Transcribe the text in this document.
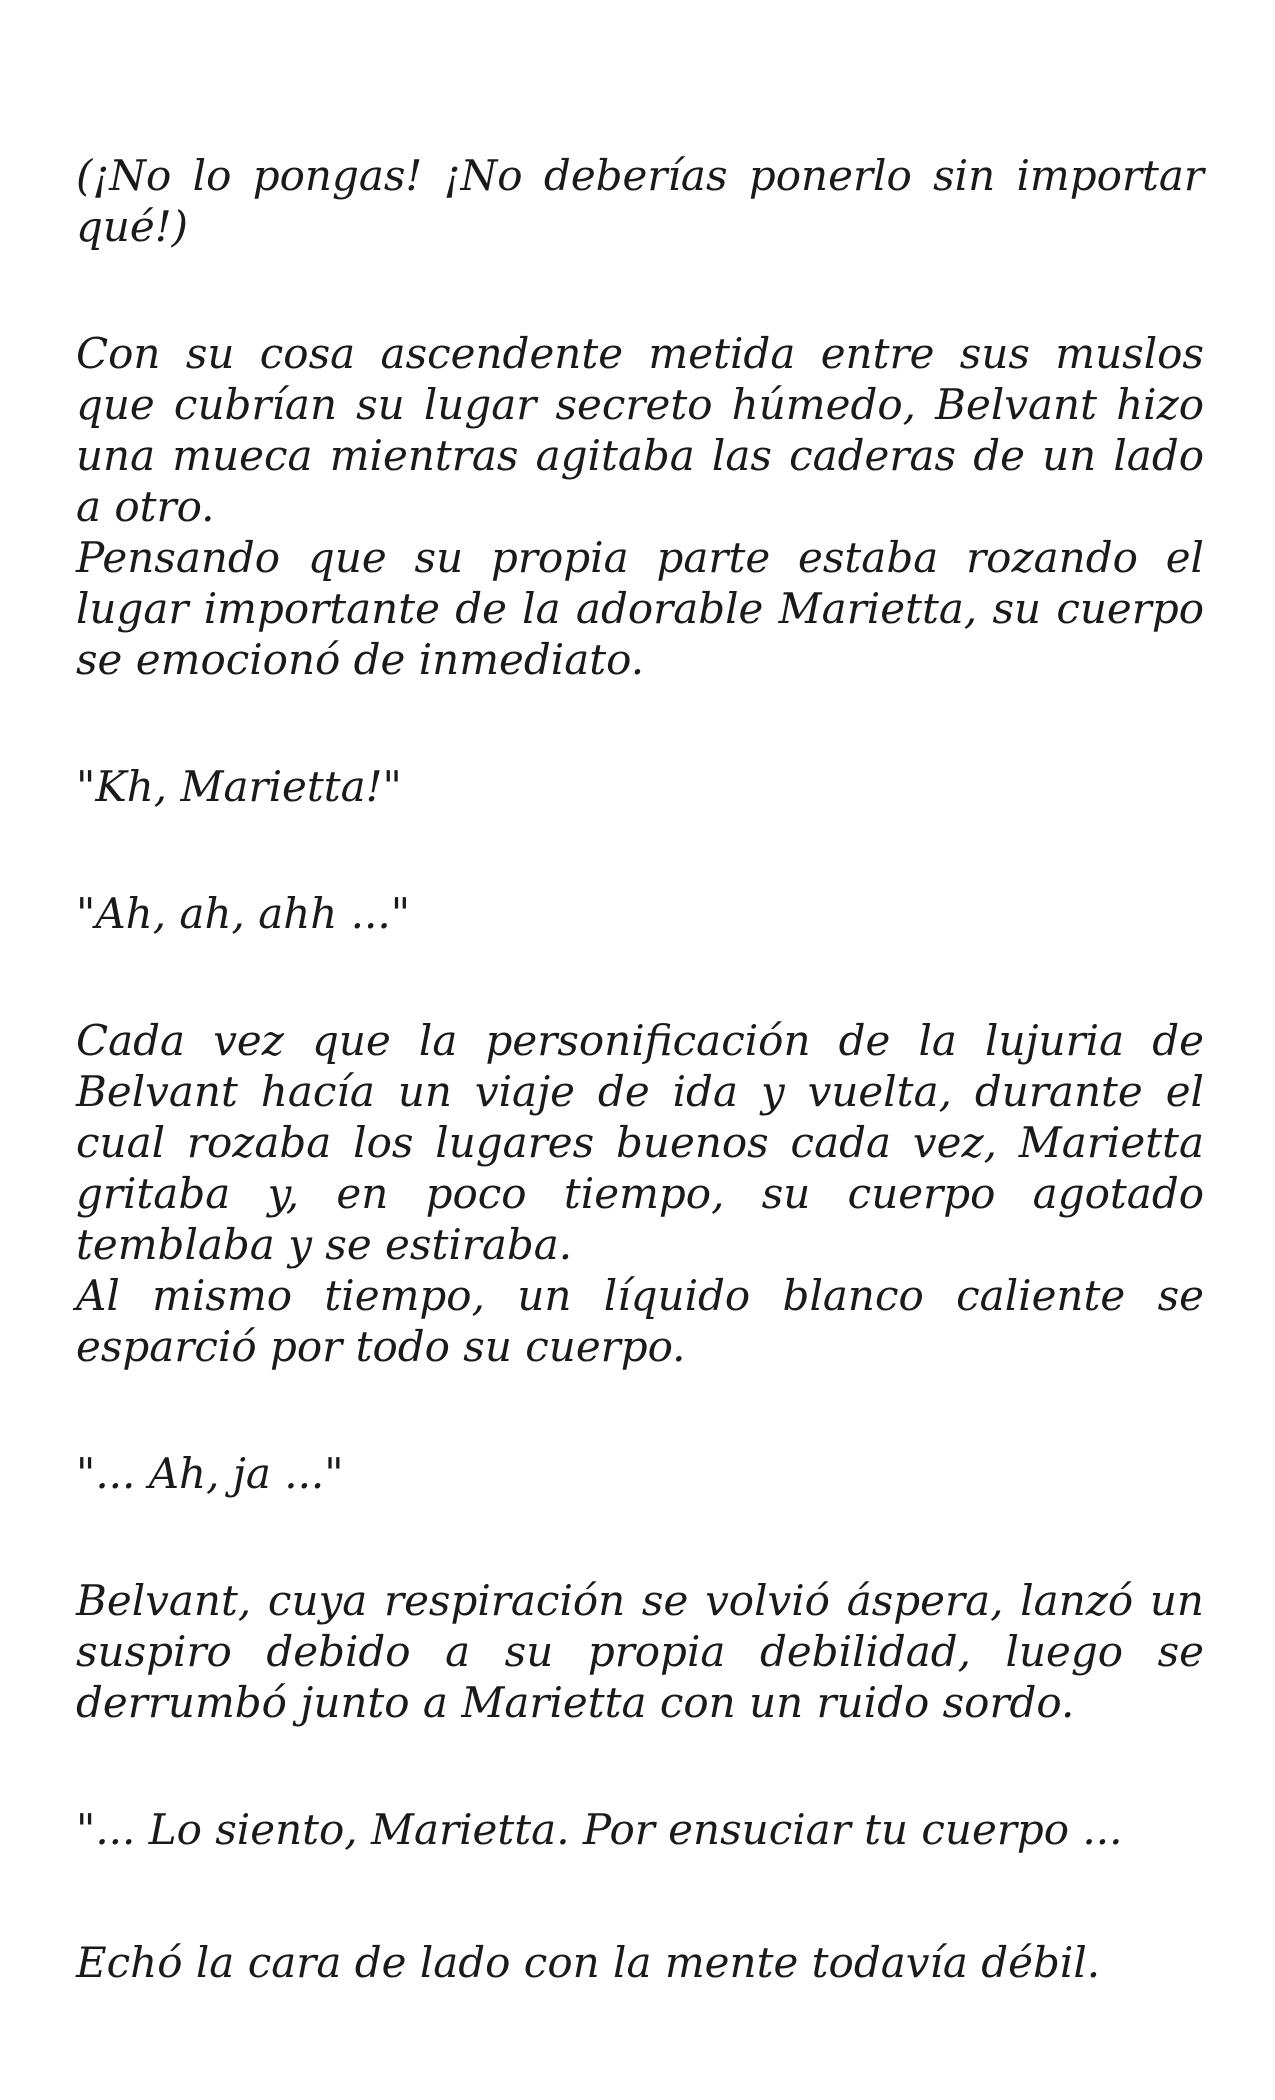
(¡No lo pongas! ¡No deberías ponerlo sin importar qué!)

Con su cosa ascendente metida entre sus muslos que cubrían su lugar secreto húmedo, Belvant hizo una mueca mientras agitaba las caderas de un lado a otro.
Pensando que su propia parte estaba rozando el lugar importante de la adorable Marietta, su cuerpo se emocionó de inmediato.

"Kh, Marietta!"

"Ah, ah, ahh ..."

Cada vez que la personificación de la lujuria de Belvant hacía un viaje de ida y vuelta, durante el cual rozaba los lugares buenos cada vez, Marietta gritaba y, en poco tiempo, su cuerpo agotado temblaba y se estiraba.
Al mismo tiempo, un líquido blanco caliente se esparció por todo su cuerpo.

"... Ah, ja ..."

Belvant, cuya respiración se volvió áspera, lanzó un suspiro debido a su propia debilidad, luego se derrumbó junto a Marietta con un ruido sordo.

"... Lo siento, Marietta. Por ensuciar tu cuerpo ...

Echó la cara de lado con la mente todavía débil.
